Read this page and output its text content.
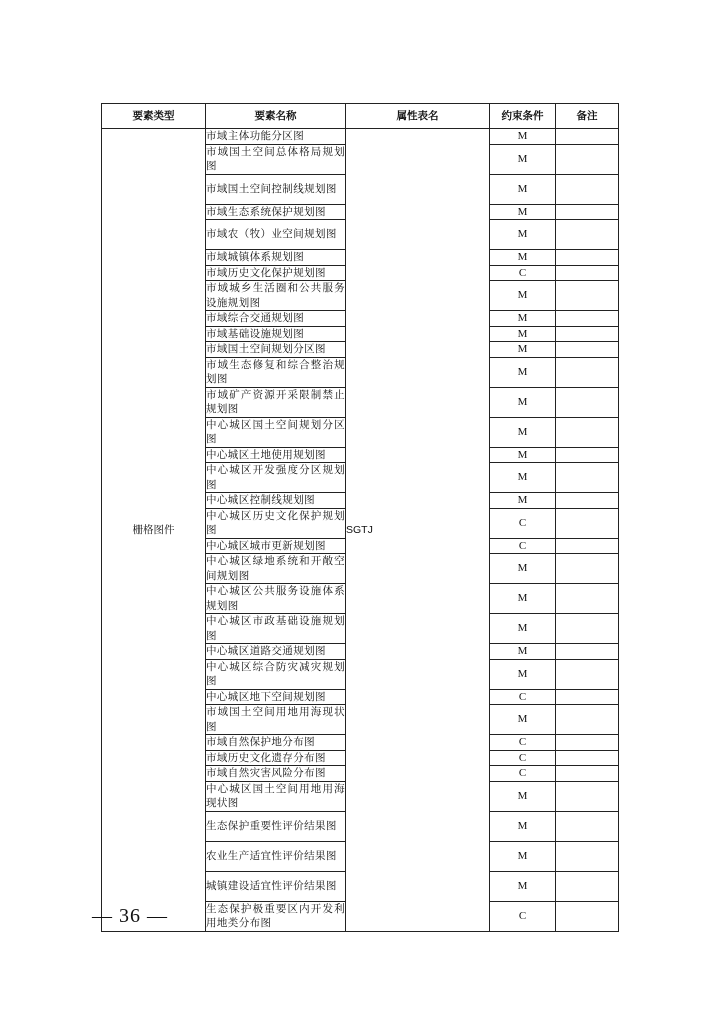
要素类型	要素名称	属性表名	约束条件	备注
栅格图件	市域主体功能分区图	SGTJ	M	
	市域国土空间总体格局规划图		M	
	市域国土空间控制线规划图		M	
	市域生态系统保护规划图		M	
	市域农（牧）业空间规划图		M	
	市域城镇体系规划图		M	
	市域历史文化保护规划图		C	
	市域城乡生活圈和公共服务设施规划图		M	
	市域综合交通规划图		M	
	市域基础设施规划图		M	
	市域国土空间规划分区图		M	
	市域生态修复和综合整治规划图		M	
	市域矿产资源开采限制禁止规划图		M	
	中心城区国土空间规划分区图		M	
	中心城区土地使用规划图		M	
	中心城区开发强度分区规划图		M	
	中心城区控制线规划图		M	
	中心城区历史文化保护规划图		C	
	中心城区城市更新规划图		C	
	中心城区绿地系统和开敞空间规划图		M	
	中心城区公共服务设施体系规划图		M	
	中心城区市政基础设施规划图		M	
	中心城区道路交通规划图		M	
	中心城区综合防灾减灾规划图		M	
	中心城区地下空间规划图		C	
	市域国土空间用地用海现状图		M	
	市域自然保护地分布图		C	
	市域历史文化遗存分布图		C	
	市域自然灾害风险分布图		C	
	中心城区国土空间用地用海现状图		M	
	生态保护重要性评价结果图		M	
	农业生产适宜性评价结果图		M	
	城镇建设适宜性评价结果图		M	
	生态保护极重要区内开发利用地类分布图		C	
— 36 —
